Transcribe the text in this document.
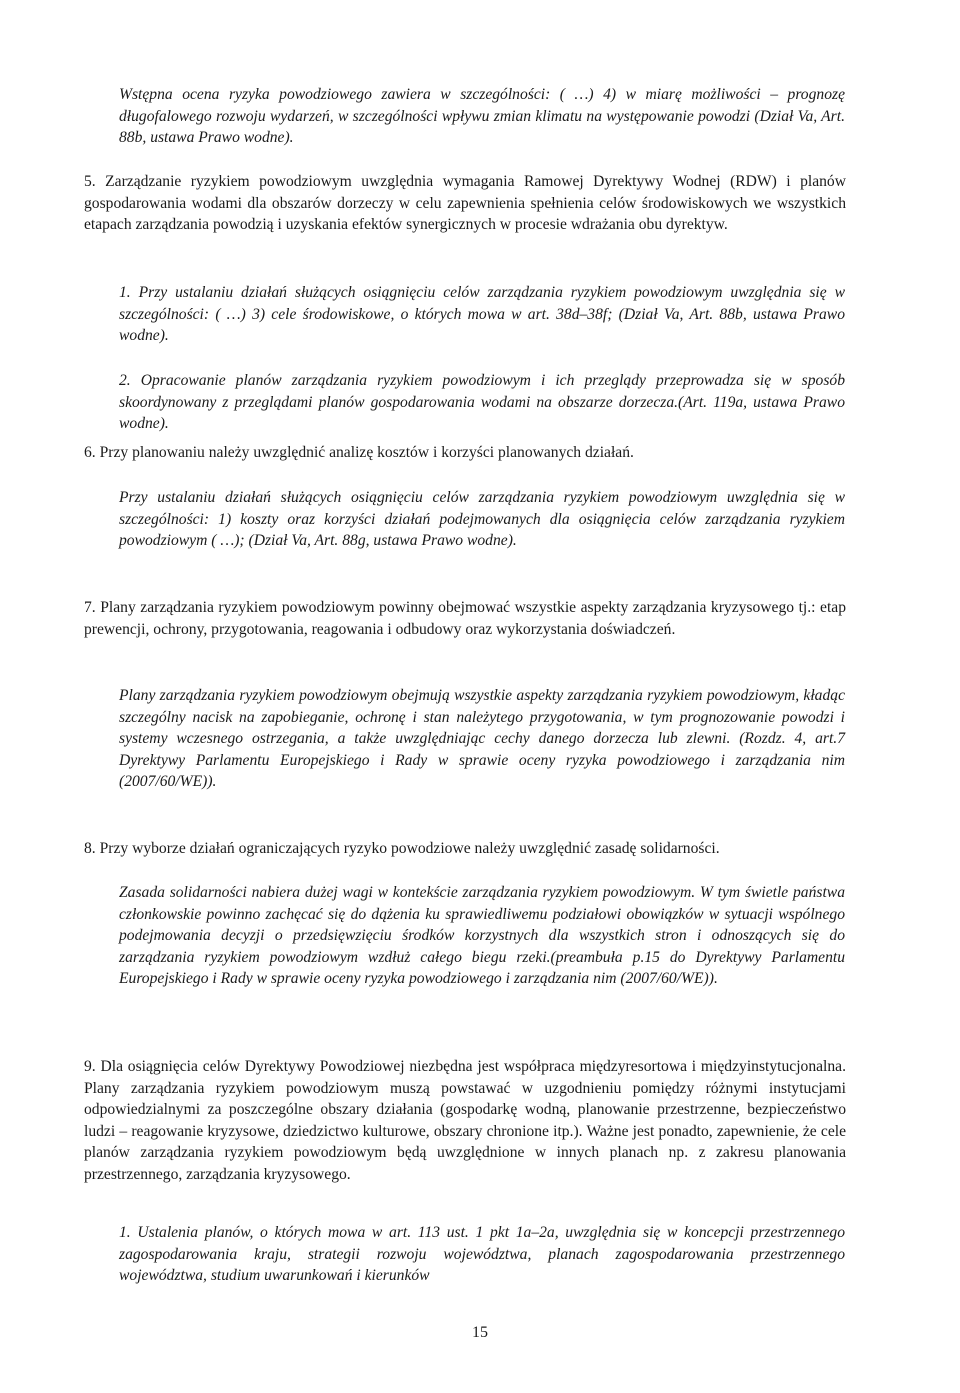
Wstępna ocena ryzyka powodziowego zawiera w szczególności: ( …) 4) w miarę możliwości – prognozę długofalowego rozwoju wydarzeń, w szczególności wpływu zmian klimatu na występowanie powodzi (Dział Va, Art. 88b, ustawa Prawo wodne).

5. Zarządzanie ryzykiem powodziowym uwzględnia wymagania Ramowej Dyrektywy Wodnej (RDW) i planów gospodarowania wodami dla obszarów dorzeczy w celu zapewnienia spełnienia celów środowiskowych we wszystkich etapach zarządzania powodzią i uzyskania efektów synergicznych w procesie wdrażania obu dyrektyw.

1. Przy ustalaniu działań służących osiągnięciu celów zarządzania ryzykiem powodziowym uwzględnia się w szczególności: ( …) 3) cele środowiskowe, o których mowa w art. 38d–38f; (Dział Va, Art. 88b, ustawa Prawo wodne).

2. Opracowanie planów zarządzania ryzykiem powodziowym i ich przeglądy przeprowadza się w sposób skoordynowany z przeglądami planów gospodarowania wodami na obszarze dorzecza.(Art. 119a, ustawa Prawo wodne).

6. Przy planowaniu należy uwzględnić analizę kosztów i korzyści planowanych działań.

Przy ustalaniu działań służących osiągnięciu celów zarządzania ryzykiem powodziowym uwzględnia się w szczególności: 1) koszty oraz korzyści działań podejmowanych dla osiągnięcia celów zarządzania ryzykiem powodziowym ( …); (Dział Va, Art. 88g, ustawa Prawo wodne).

7. Plany zarządzania ryzykiem powodziowym powinny obejmować wszystkie aspekty zarządzania kryzysowego tj.: etap prewencji, ochrony, przygotowania, reagowania i odbudowy oraz wykorzystania doświadczeń.

Plany zarządzania ryzykiem powodziowym obejmują wszystkie aspekty zarządzania ryzykiem powodziowym, kładąc szczególny nacisk na zapobieganie, ochronę i stan należytego przygotowania, w tym prognozowanie powodzi i systemy wczesnego ostrzegania, a także uwzględniając cechy danego dorzecza lub zlewni. (Rozdz. 4, art.7 Dyrektywy Parlamentu Europejskiego i Rady w sprawie oceny ryzyka powodziowego i zarządzania nim (2007/60/WE)).

8. Przy wyborze działań ograniczających ryzyko powodziowe należy uwzględnić zasadę solidarności.

Zasada solidarności nabiera dużej wagi w kontekście zarządzania ryzykiem powodziowym. W tym świetle państwa członkowskie powinno zachęcać się do dążenia ku sprawiedliwemu podziałowi obowiązków w sytuacji wspólnego podejmowania decyzji o przedsięwzięciu środków korzystnych dla wszystkich stron i odnoszących się do zarządzania ryzykiem powodziowym wzdłuż całego biegu rzeki.(preambuła p.15 do Dyrektywy Parlamentu Europejskiego i Rady w sprawie oceny ryzyka powodziowego i zarządzania nim (2007/60/WE)).

9. Dla osiągnięcia celów Dyrektywy Powodziowej niezbędna jest współpraca międzyresortowa i międzyinstytucjonalna. Plany zarządzania ryzykiem powodziowym muszą powstawać w uzgodnieniu pomiędzy różnymi instytucjami odpowiedzialnymi za poszczególne obszary działania (gospodarkę wodną, planowanie przestrzenne, bezpieczeństwo ludzi – reagowanie kryzysowe, dziedzictwo kulturowe, obszary chronione itp.). Ważne jest ponadto, zapewnienie, że cele planów zarządzania ryzykiem powodziowym będą uwzględnione w innych planach np. z zakresu planowania przestrzennego, zarządzania kryzysowego.

1. Ustalenia planów, o których mowa w art. 113 ust. 1 pkt 1a–2a, uwzględnia się w koncepcji przestrzennego zagospodarowania kraju, strategii rozwoju województwa, planach zagospodarowania przestrzennego województwa, studium uwarunkowań i kierunków

15
